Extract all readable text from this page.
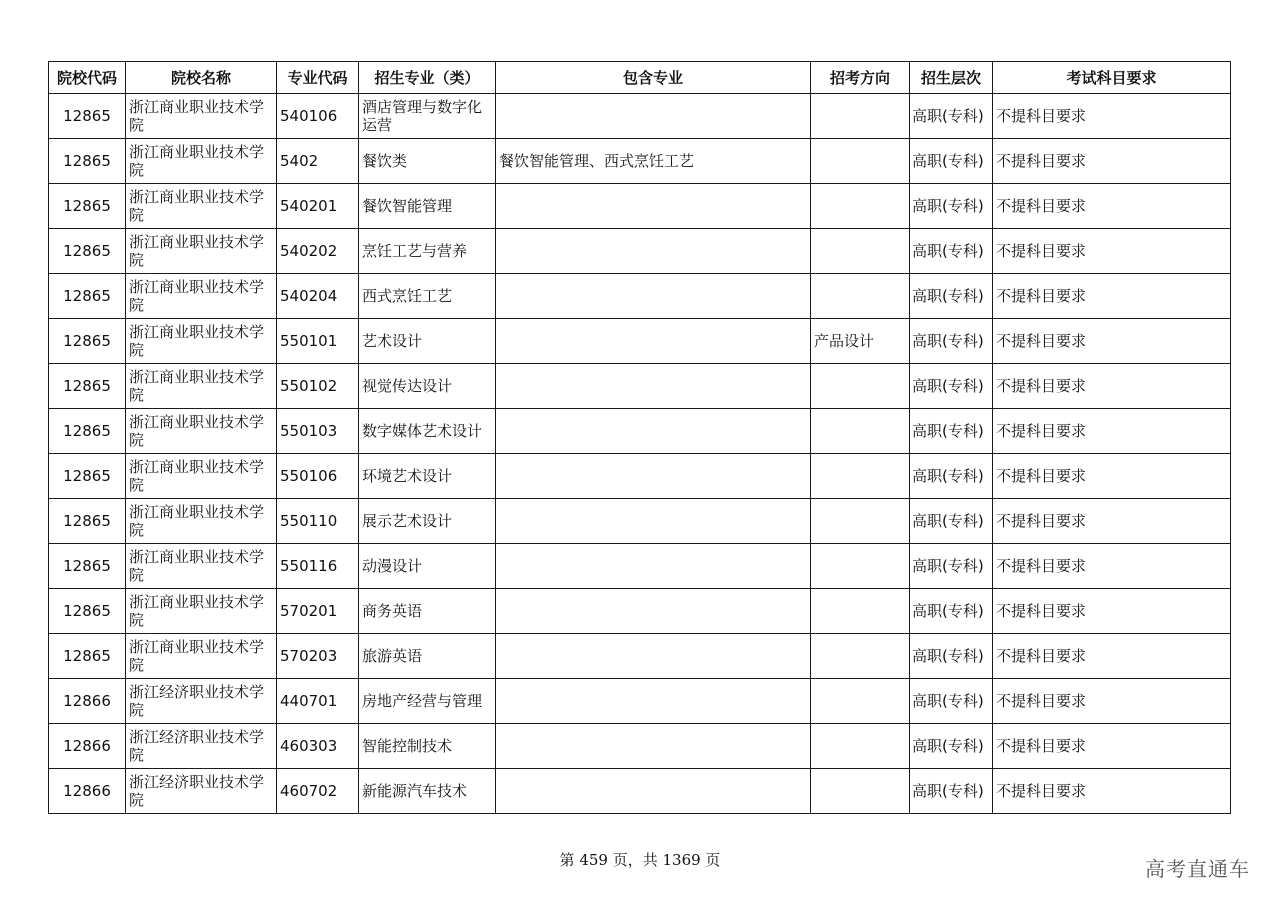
院校代码	院校名称	专业代码	招生专业（类）	包含专业	招考方向	招生层次	考试科目要求
12865	浙江商业职业技术学院	540106	酒店管理与数字化运营			高职(专科)	不提科目要求
12865	浙江商业职业技术学院	5402	餐饮类	餐饮智能管理、西式烹饪工艺		高职(专科)	不提科目要求
12865	浙江商业职业技术学院	540201	餐饮智能管理			高职(专科)	不提科目要求
12865	浙江商业职业技术学院	540202	烹饪工艺与营养			高职(专科)	不提科目要求
12865	浙江商业职业技术学院	540204	西式烹饪工艺			高职(专科)	不提科目要求
12865	浙江商业职业技术学院	550101	艺术设计		产品设计	高职(专科)	不提科目要求
12865	浙江商业职业技术学院	550102	视觉传达设计			高职(专科)	不提科目要求
12865	浙江商业职业技术学院	550103	数字媒体艺术设计			高职(专科)	不提科目要求
12865	浙江商业职业技术学院	550106	环境艺术设计			高职(专科)	不提科目要求
12865	浙江商业职业技术学院	550110	展示艺术设计			高职(专科)	不提科目要求
12865	浙江商业职业技术学院	550116	动漫设计			高职(专科)	不提科目要求
12865	浙江商业职业技术学院	570201	商务英语			高职(专科)	不提科目要求
12865	浙江商业职业技术学院	570203	旅游英语			高职(专科)	不提科目要求
12866	浙江经济职业技术学院	440701	房地产经营与管理			高职(专科)	不提科目要求
12866	浙江经济职业技术学院	460303	智能控制技术			高职(专科)	不提科目要求
12866	浙江经济职业技术学院	460702	新能源汽车技术			高职(专科)	不提科目要求
第 459 页，共 1369 页	高考直通车
